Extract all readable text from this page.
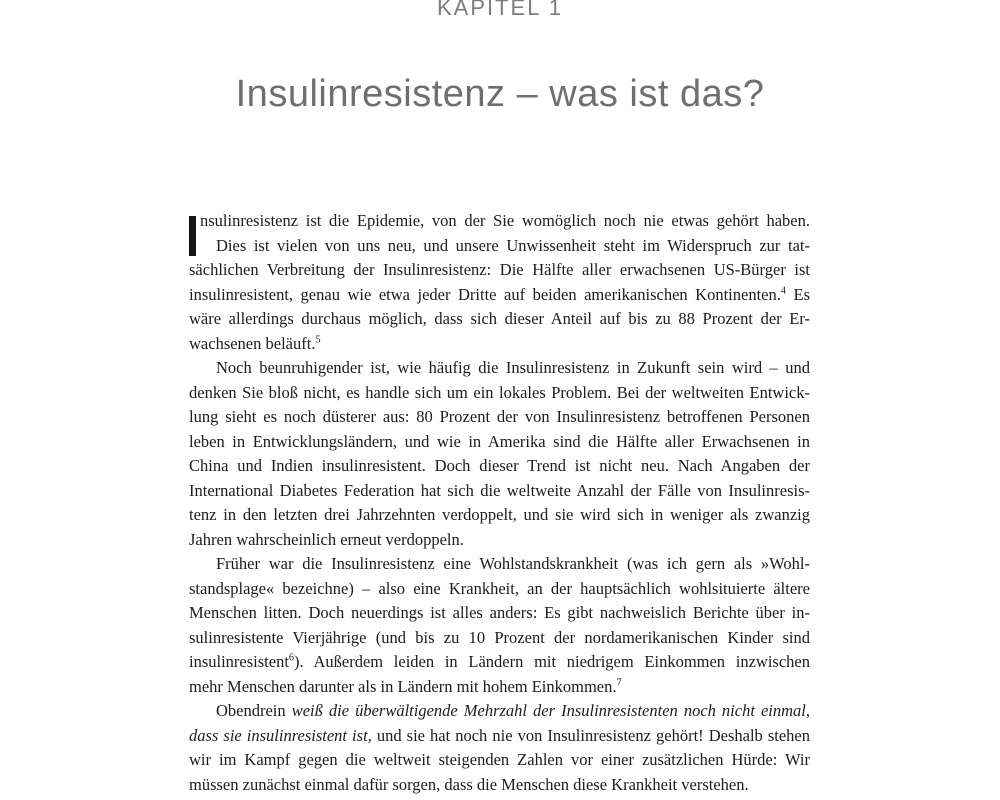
KAPITEL 1
Insulinresistenz – was ist das?
nsulinresistenz ist die Epidemie, von der Sie womöglich noch nie etwas gehört haben.
Dies ist vielen von uns neu, und unsere Unwissenheit steht im Widerspruch zur tat-
sächlichen Verbreitung der Insulinresistenz: Die Hälfte aller erwachsenen US-Bürger ist
insulinresistent, genau wie etwa jeder Dritte auf beiden amerikanischen Kontinenten.$^4$ Es
wäre allerdings durchaus möglich, dass sich dieser Anteil auf bis zu 88 Prozent der Er-
wachsenen beläuft.$^5$
Noch beunruhigender ist, wie häufig die Insulinresistenz in Zukunft sein wird – und
denken Sie bloß nicht, es handle sich um ein lokales Problem. Bei der weltweiten Entwick-
lung sieht es noch düsterer aus: 80 Prozent der von Insulinresistenz betroffenen Personen
leben in Entwicklungsländern, und wie in Amerika sind die Hälfte aller Erwachsenen in
China und Indien insulinresistent. Doch dieser Trend ist nicht neu. Nach Angaben der
International Diabetes Federation hat sich die weltweite Anzahl der Fälle von Insulinresis-
tenz in den letzten drei Jahrzehnten verdoppelt, und sie wird sich in weniger als zwanzig
Jahren wahrscheinlich erneut verdoppeln.
Früher war die Insulinresistenz eine Wohlstandskrankheit (was ich gern als »Wohl-
standsplage« bezeichne) – also eine Krankheit, an der hauptsächlich wohlsituierte ältere
Menschen litten. Doch neuerdings ist alles anders: Es gibt nachweislich Berichte über in-
sulinresistente Vierjährige (und bis zu 10 Prozent der nordamerikanischen Kinder sind
insulinresistent$^6$). Außerdem leiden in Ländern mit niedrigem Einkommen inzwischen
mehr Menschen darunter als in Ländern mit hohem Einkommen.$^7$
Obendrein weiß die überwältigende Mehrzahl der Insulinresistenten noch nicht einmal,
dass sie insulinresistent ist, und sie hat noch nie von Insulinresistenz gehört! Deshalb stehen
wir im Kampf gegen die weltweit steigenden Zahlen vor einer zusätzlichen Hürde: Wir
müssen zunächst einmal dafür sorgen, dass die Menschen diese Krankheit verstehen.
